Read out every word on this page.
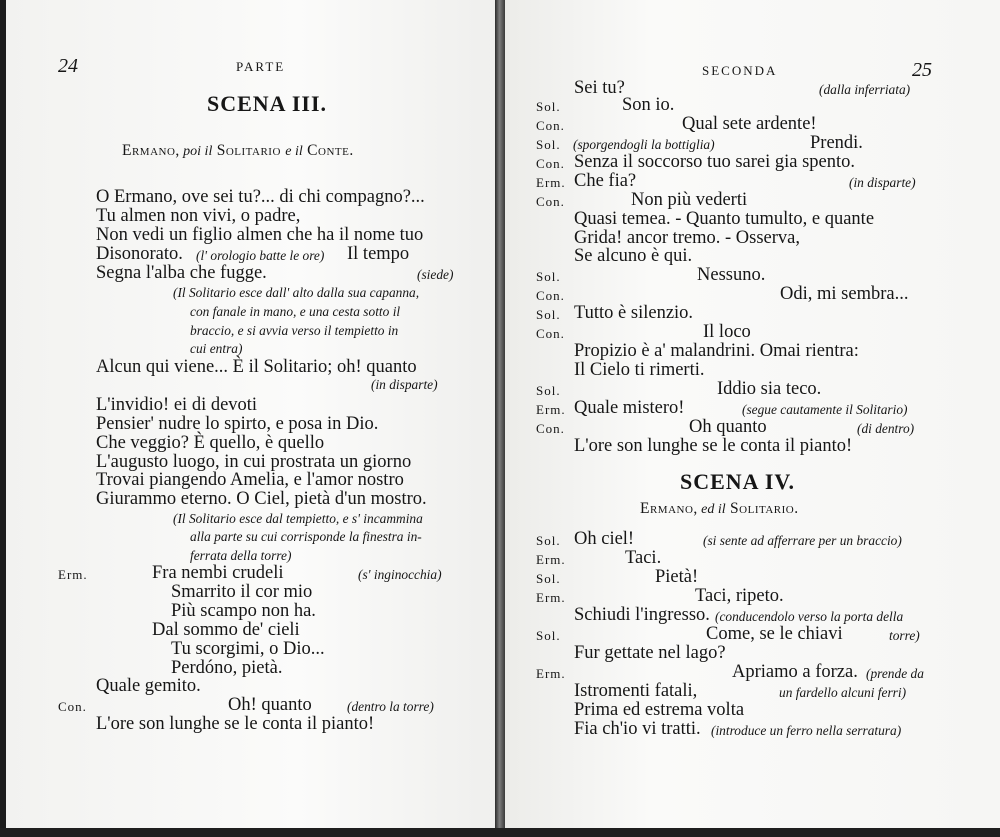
24	PARTE
SCENA III.
Ermano, poi il Solitario e il Conte.
O Ermano, ove sei tu?... di chi compagno?...
Tu almen non vivi, o padre,
Non vedi un figlio almen che ha il nome tuo
Disonorato. (l' orologio batte le ore) Il tempo
Segna l'alba che fugge.	(siede)
(Il Solitario esce dall' alto dalla sua capanna,
con fanale in mano, e una cesta sotto il
braccio, e si avvia verso il tempietto in
cui entra)
Alcun qui viene... È il Solitario; oh! quanto
(in disparte)
L'invidio! ei di devoti
Pensier' nudre lo spirto, e posa in Dio.
Che veggio? È quello, è quello
L'augusto luogo, in cui prostrata un giorno
Trovai piangendo Amelia, e l'amor nostro
Giurammo eterno. O Ciel, pietà d'un mostro.
(Il Solitario esce dal tempietto, e s' incammina
alla parte su cui corrisponde la finestra in-
ferrata della torre)
Erm.	Fra nembi crudeli	(s' inginocchia)
Smarrito il cor mio
Più scampo non ha.
Dal sommo de' cieli
Tu scorgimi, o Dio...
Perdóno, pietà.
Quale gemito.
Con.	Oh! quanto	(dentro la torre)
L'ore son lunghe se le conta il pianto!
SECONDA	25
Sei tu?	(dalla inferriata)
Sol.	Son io.
Con.	Qual sete ardente!
Sol. (sporgendogli la bottiglia)	Prendi.
Con. Senza il soccorso tuo sarei gia spento.
Erm. Che fia?	(in disparte)
Con.	Non più vederti
Quasi temea. - Quanto tumulto, e quante
Grida! ancor tremo. - Osserva,
Se alcuno è qui.
Sol.	Nessuno.
Con.	Odi, mi sembra...
Sol. Tutto è silenzio.
Con.	Il loco
Propizio è a' malandrini. Omai rientra:
Il Cielo ti rimerti.
Sol.	Iddio sia teco.
Erm. Quale mistero!	(segue cautamente il Solitario)
Con.	Oh quanto	(di dentro)
L'ore son lunghe se le conta il pianto!
SCENA IV.
Ermano, ed il Solitario.
Sol. Oh ciel!	(si sente ad afferrare per un braccio)
Erm.	Taci.
Sol.	Pietà!
Erm.	Taci, ripeto.
Schiudi l'ingresso. (conducendolo verso la porta della
Sol.	Come, se le chiavi	torre)
Fur gettate nel lago?
Erm.	Apriamo a forza. (prende da
Istromenti fatali,	un fardello alcuni ferri)
Prima ed estrema volta
Fia ch'io vi tratti. (introduce un ferro nella serratura)
